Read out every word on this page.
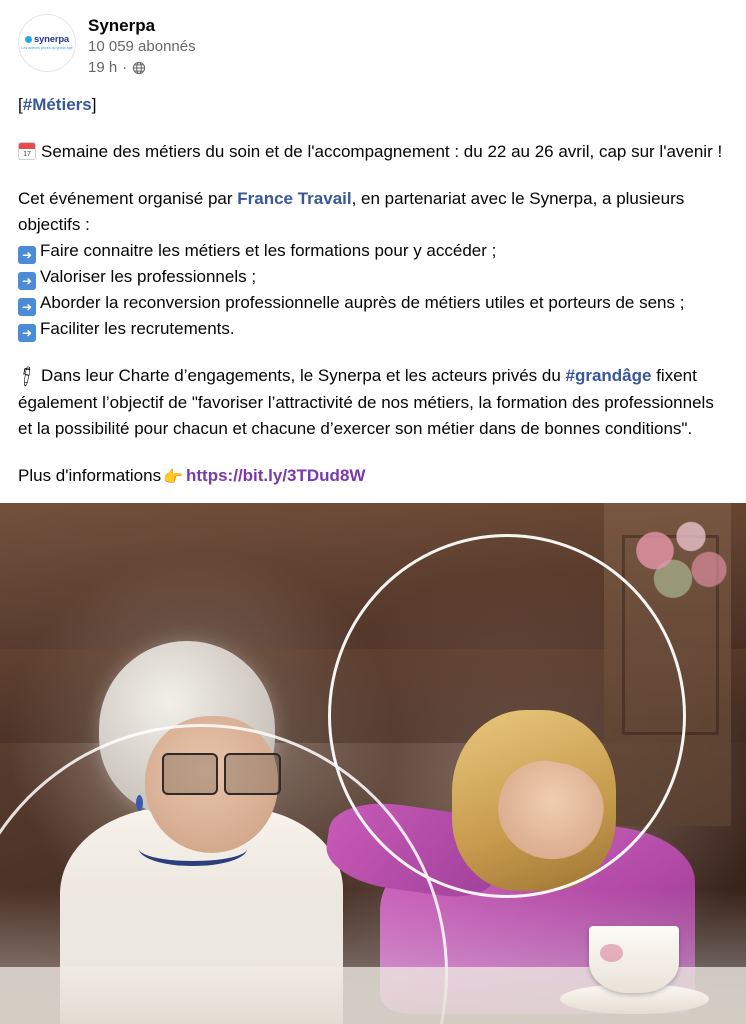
synerpa
Les acteurs privés du grand âge
Synerpa
10 059 abonnés
19 h ·

[#Métiers]

17Semaine des métiers du soin et de l'accompagnement : du 22 au 26 avril, cap sur l'avenir !

Cet événement organisé par France Travail, en partenariat avec le Synerpa, a plusieurs objectifs :
➜ Faire connaitre les métiers et les formations pour y accéder ;
➜ Valoriser les professionnels ;
➜ Aborder la reconversion professionnelle auprès de métiers utiles et porteurs de sens ;
➜ Faciliter les recrutements.

🖊Dans leur Charte d’engagements, le Synerpa et les acteurs privés du #grandâge fixent également l’objectif de "favoriser l’attractivité de nos métiers, la formation des professionnels et la possibilité pour chacun et chacune d’exercer son métier dans de bonnes conditions".

Plus d'informations 👉 https://bit.ly/3TDud8W
